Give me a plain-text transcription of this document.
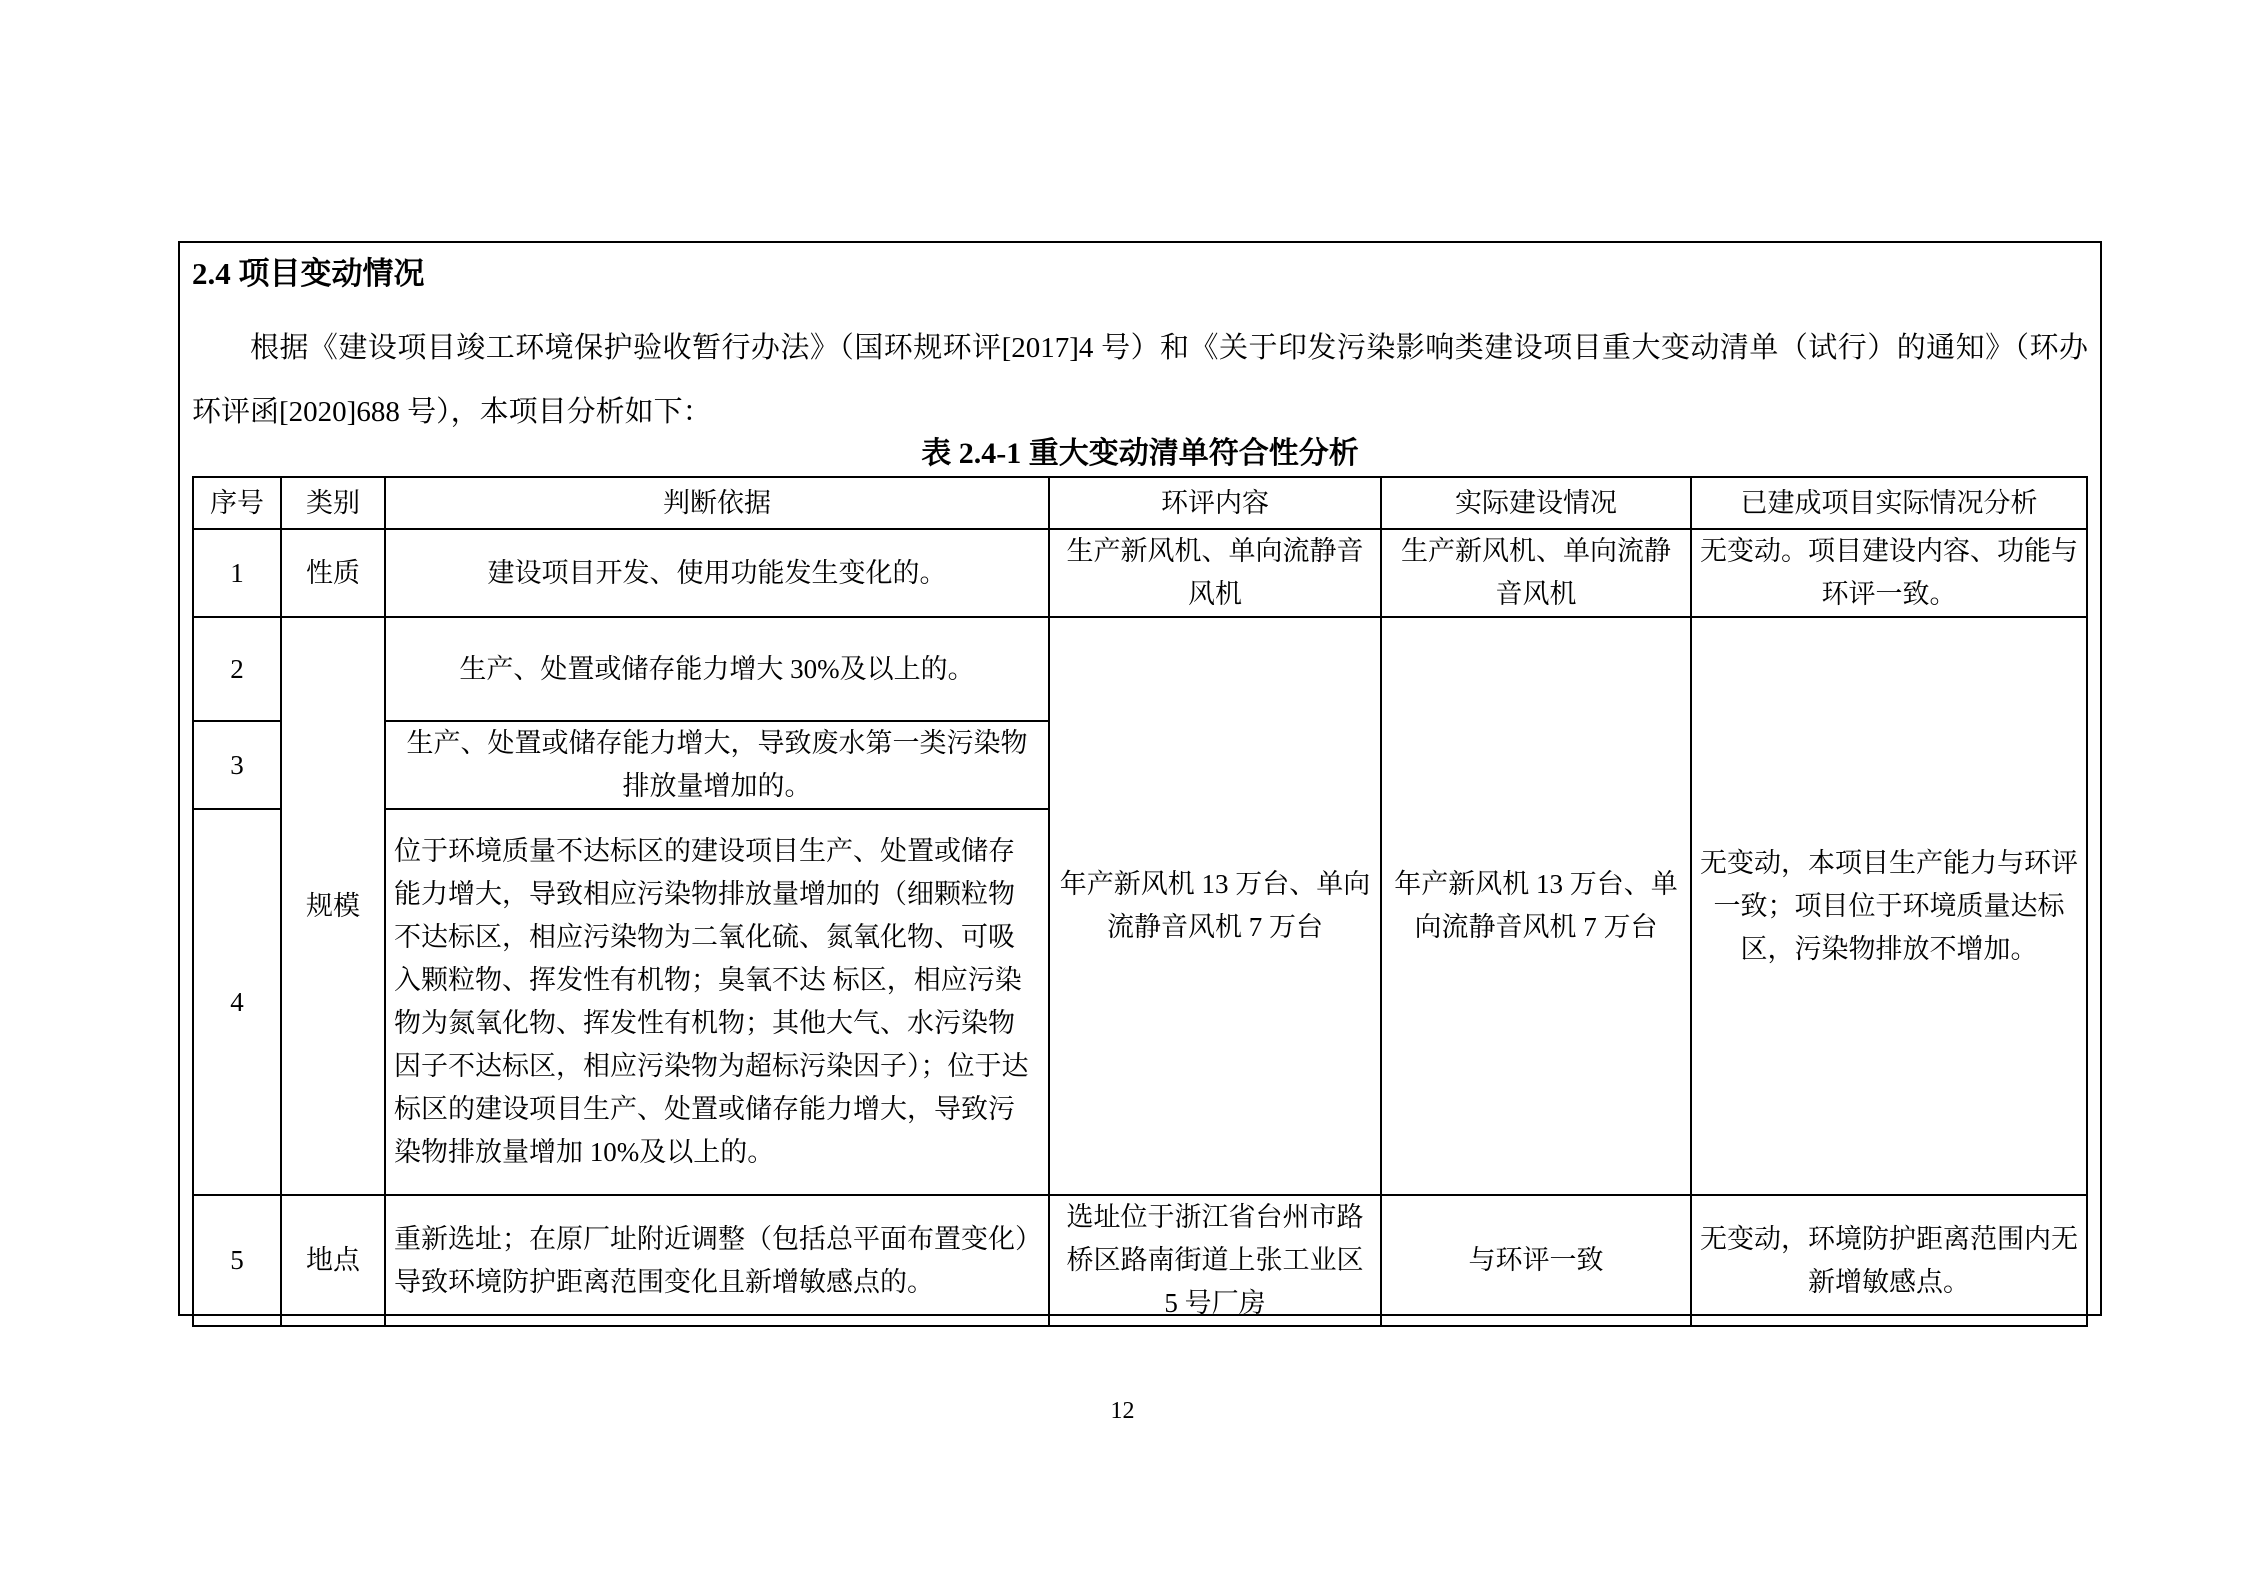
2.4 项目变动情况
根据《建设项目竣工环境保护验收暂行办法》（国环规环评[2017]4 号）和《关于印发污染影响类建设项目重大变动清单（试行）的通知》（环办环评函[2020]688 号），本项目分析如下：
表 2.4-1 重大变动清单符合性分析
序号	类别	判断依据	环评内容	实际建设情况	已建成项目实际情况分析
1	性质	建设项目开发、使用功能发生变化的。	生产新风机、单向流静音风机	生产新风机、单向流静音风机	无变动。项目建设内容、功能与环评一致。
2	规模	生产、处置或储存能力增大 30%及以上的。	年产新风机 13 万台、单向流静音风机 7 万台	年产新风机 13 万台、单向流静音风机 7 万台	无变动，本项目生产能力与环评一致；项目位于环境质量达标区，污染物排放不增加。
3		生产、处置或储存能力增大，导致废水第一类污染物排放量增加的。			
4		位于环境质量不达标区的建设项目生产、处置或储存能力增大，导致相应污染物排放量增加的（细颗粒物不达标区，相应污染物为二氧化硫、氮氧化物、可吸入颗粒物、挥发性有机物；臭氧不达 标区，相应污染物为氮氧化物、挥发性有机物；其他大气、水污染物因子不达标区，相应污染物为超标污染因子）；位于达标区的建设项目生产、处置或储存能力增大，导致污染物排放量增加 10%及以上的。			
5	地点	重新选址；在原厂址附近调整（包括总平面布置变化）导致环境防护距离范围变化且新增敏感点的。	选址位于浙江省台州市路桥区路南街道上张工业区 5 号厂房	与环评一致	无变动，环境防护距离范围内无新增敏感点。
12
